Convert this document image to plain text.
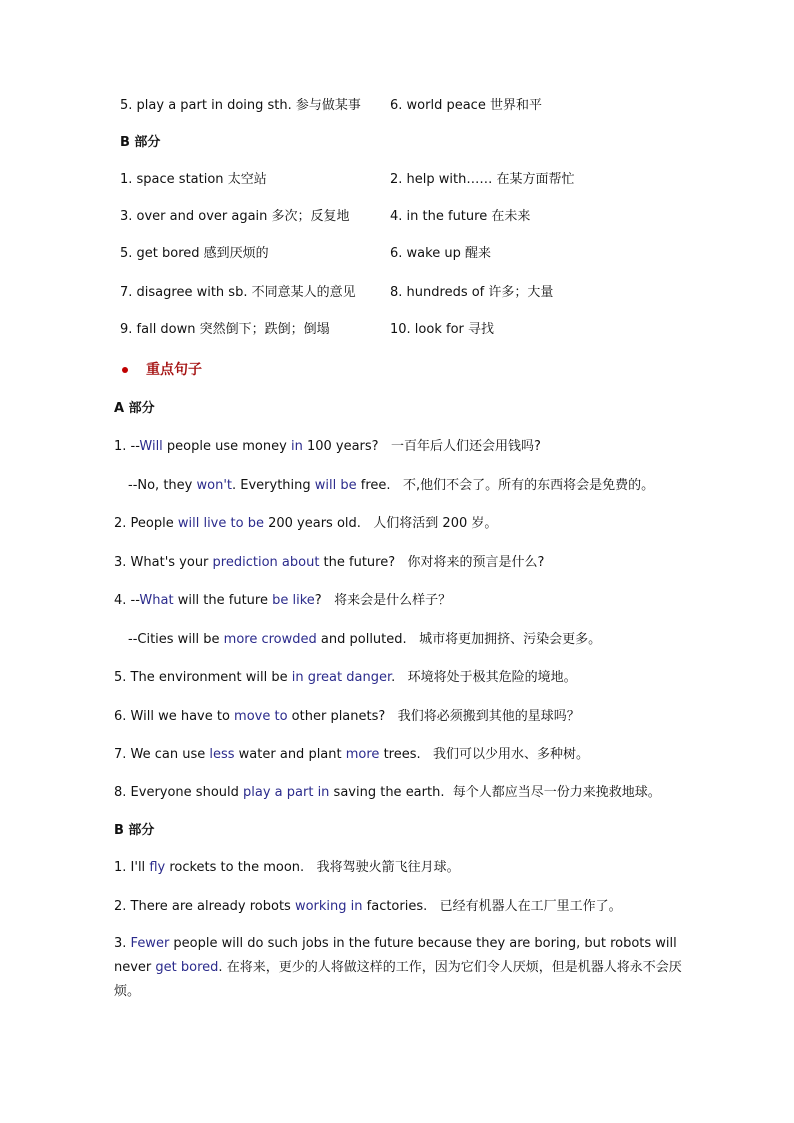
5. play a part in doing sth. 参与做某事 6. world peace 世界和平
B 部分
1. space station 太空站	2. help with…… 在某方面帮忙
3. over and over again 多次；反复地	4. in the future 在未来
5. get bored 感到厌烦的	6. wake up 醒来
7. disagree with sb. 不同意某人的意见	8. hundreds of 许多；大量
9. fall down 突然倒下；跌倒；倒塌	10. look for 寻找
重点句子
A 部分
1. --Will people use money in 100 years? 一百年后人们还会用钱吗?
--No, they won't. Everything will be free. 不,他们不会了。所有的东西将会是免费的。
2. People will live to be 200 years old. 人们将活到 200 岁。
3. What's your prediction about the future? 你对将来的预言是什么?
4. --What will the future be like? 将来会是什么样子？
--Cities will be more crowded and polluted. 城市将更加拥挤、污染会更多。
5. The environment will be in great danger. 环境将处于极其危险的境地。
6. Will we have to move to other planets? 我们将必须搬到其他的星球吗？
7. We can use less water and plant more trees. 我们可以少用水、多种树。
8. Everyone should play a part in saving the earth. 每个人都应当尽一份力来挽救地球。
B 部分
1. I'll fly rockets to the moon. 我将驾驶火箭飞往月球。
2. There are already robots working in factories. 已经有机器人在工厂里工作了。
3. Fewer people will do such jobs in the future because they are boring, but robots will never get bored. 在将来，更少的人将做这样的工作，因为它们令人厌烦，但是机器人将永不会厌烦。
